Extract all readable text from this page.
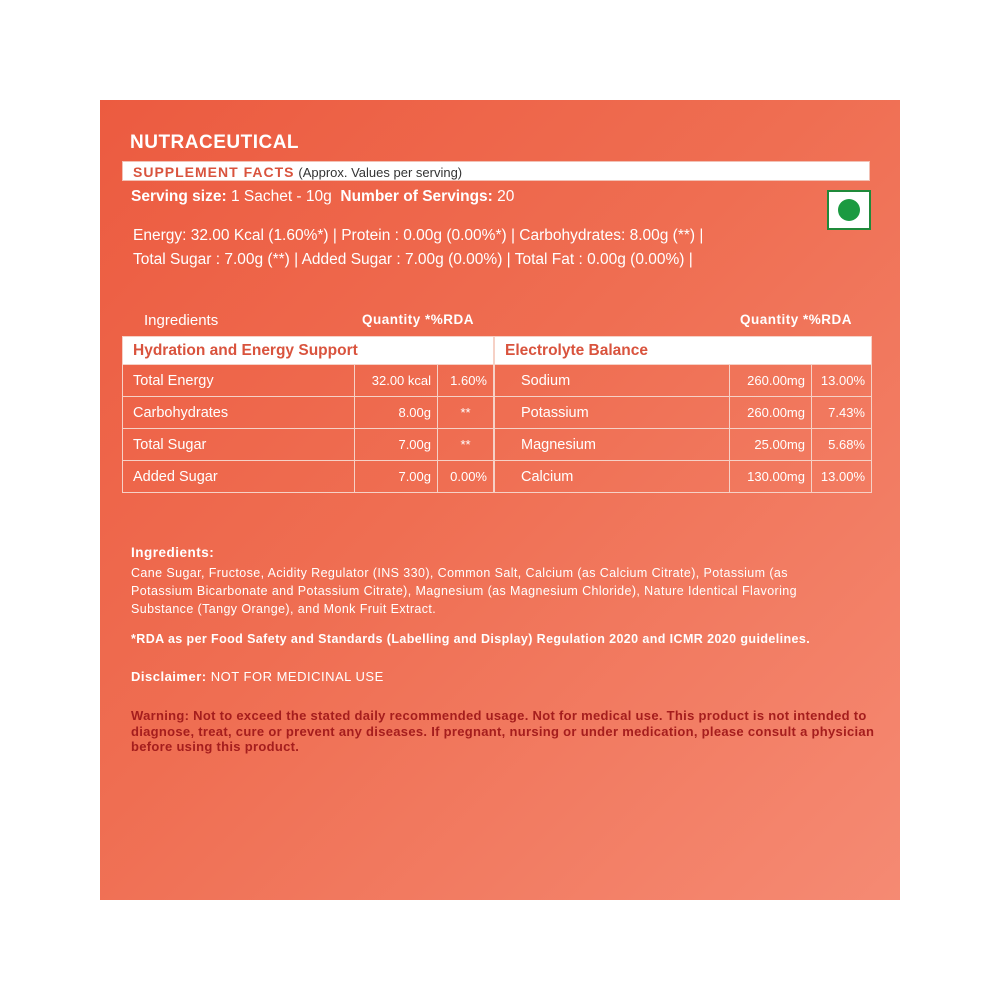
NUTRACEUTICAL
SUPPLEMENT FACTS (Approx. Values per serving)
Serving size: 1 Sachet - 10g Number of Servings: 20
Energy: 32.00 Kcal (1.60%*) | Protein : 0.00g (0.00%*) | Carbohydrates: 8.00g (**) |
Total Sugar : 7.00g (**) | Added Sugar : 7.00g (0.00%) | Total Fat : 0.00g (0.00%) |
Ingredients	Quantity *%RDA	Quantity *%RDA
Hydration and Energy Support		
Total Energy	32.00 kcal	1.60%
Carbohydrates	8.00g	**
Total Sugar	7.00g	**
Added Sugar	7.00g	0.00%
Electrolyte Balance		
Sodium	260.00mg	13.00%
Potassium	260.00mg	7.43%
Magnesium	25.00mg	5.68%
Calcium	130.00mg	13.00%
Ingredients:
Cane Sugar, Fructose, Acidity Regulator (INS 330), Common Salt, Calcium (as Calcium Citrate), Potassium (as Potassium Bicarbonate and Potassium Citrate), Magnesium (as Magnesium Chloride), Nature Identical Flavoring Substance (Tangy Orange), and Monk Fruit Extract.
*RDA as per Food Safety and Standards (Labelling and Display) Regulation 2020 and ICMR 2020 guidelines.
Disclaimer: NOT FOR MEDICINAL USE
Warning: Not to exceed the stated daily recommended usage. Not for medical use. This product is not intended to diagnose, treat, cure or prevent any diseases. If pregnant, nursing or under medication, please consult a physician before using this product.
